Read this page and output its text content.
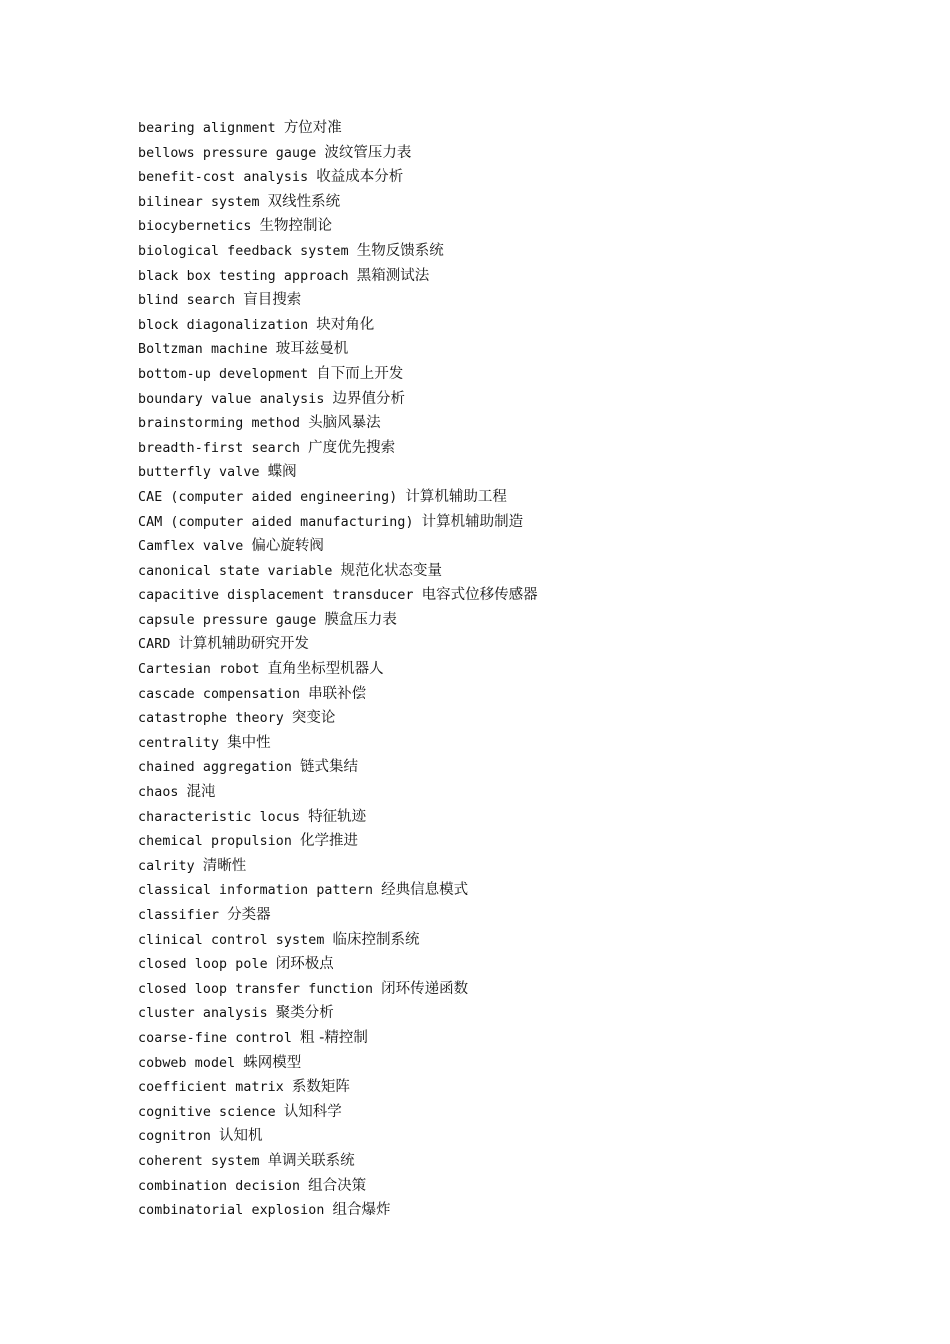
bearing alignment 方位对准
bellows pressure gauge 波纹管压力表
benefit-cost analysis 收益成本分析
bilinear system 双线性系统
biocybernetics 生物控制论
biological feedback system 生物反馈系统
black box testing approach 黑箱测试法
blind search 盲目搜索
block diagonalization 块对角化
Boltzman machine 玻耳兹曼机
bottom-up development 自下而上开发
boundary value analysis 边界值分析
brainstorming method 头脑风暴法
breadth-first search 广度优先搜索
butterfly valve 蝶阀
CAE (computer aided engineering) 计算机辅助工程
CAM (computer aided manufacturing) 计算机辅助制造
Camflex valve 偏心旋转阀
canonical state variable 规范化状态变量
capacitive displacement transducer 电容式位移传感器
capsule pressure gauge 膜盒压力表
CARD 计算机辅助研究开发
Cartesian robot 直角坐标型机器人
cascade compensation 串联补偿
catastrophe theory 突变论
centrality 集中性
chained aggregation 链式集结
chaos 混沌
characteristic locus 特征轨迹
chemical propulsion 化学推进
calrity 清晰性
classical information pattern 经典信息模式
classifier 分类器
clinical control system 临床控制系统
closed loop pole 闭环极点
closed loop transfer function 闭环传递函数
cluster analysis 聚类分析
coarse-fine control 粗 -精控制
cobweb model 蛛网模型
coefficient matrix 系数矩阵
cognitive science 认知科学
cognitron 认知机
coherent system 单调关联系统
combination decision 组合决策
combinatorial explosion 组合爆炸
